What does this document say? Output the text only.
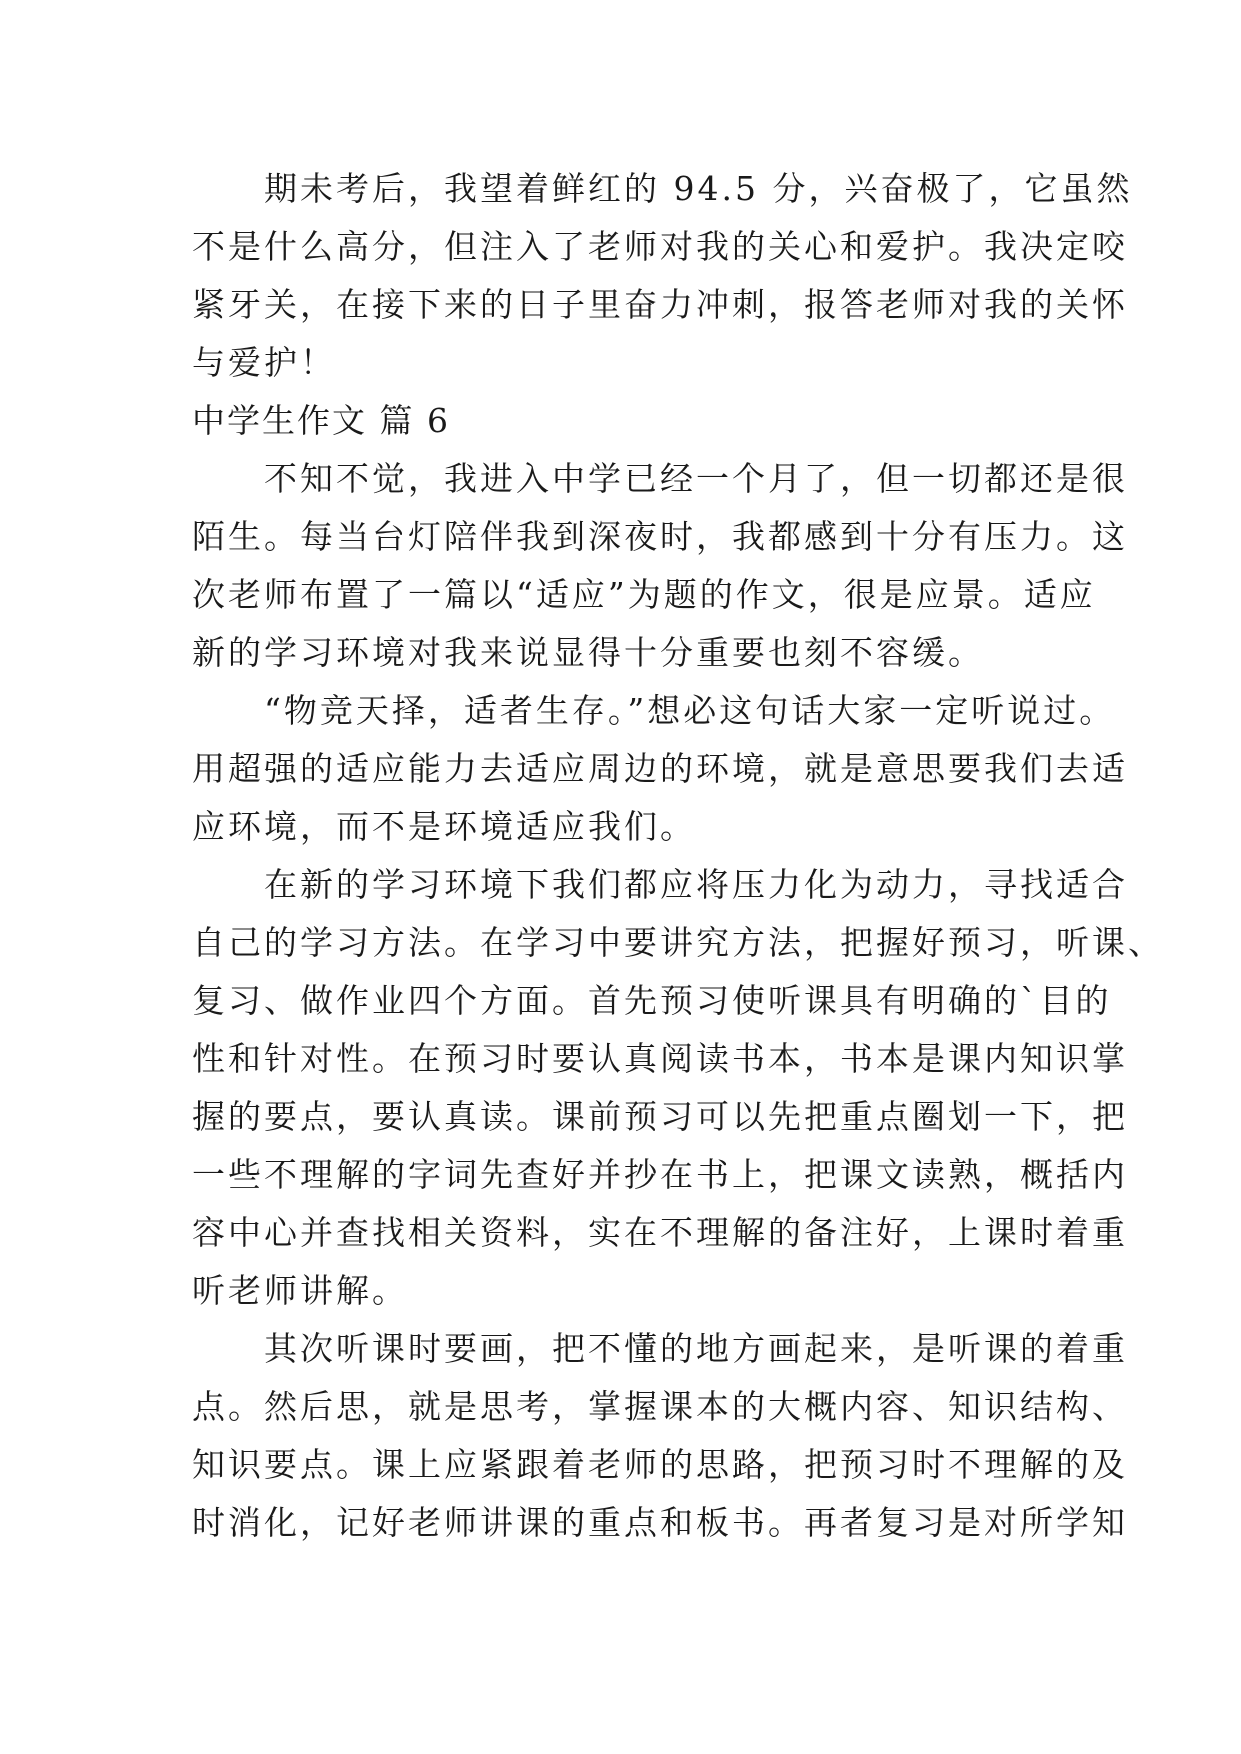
　　期未考后，我望着鲜红的 94.5 分，兴奋极了，它虽然
不是什么高分，但注入了老师对我的关心和爱护。我决定咬
紧牙关，在接下来的日子里奋力冲刺，报答老师对我的关怀
与爱护！
中学生作文 篇 6
　　不知不觉，我进入中学已经一个月了，但一切都还是很
陌生。每当台灯陪伴我到深夜时，我都感到十分有压力。这
次老师布置了一篇以“适应”为题的作文，很是应景。适应
新的学习环境对我来说显得十分重要也刻不容缓。
　　“物竞天择，适者生存。”想必这句话大家一定听说过。
用超强的适应能力去适应周边的环境，就是意思要我们去适
应环境，而不是环境适应我们。
　　在新的学习环境下我们都应将压力化为动力，寻找适合
自己的学习方法。在学习中要讲究方法，把握好预习，听课、
复习、做作业四个方面。首先预习使听课具有明确的`目的
性和针对性。在预习时要认真阅读书本，书本是课内知识掌
握的要点，要认真读。课前预习可以先把重点圈划一下，把
一些不理解的字词先查好并抄在书上，把课文读熟，概括内
容中心并查找相关资料，实在不理解的备注好，上课时着重
听老师讲解。
　　其次听课时要画，把不懂的地方画起来，是听课的着重
点。然后思，就是思考，掌握课本的大概内容、知识结构、
知识要点。课上应紧跟着老师的思路，把预习时不理解的及
时消化，记好老师讲课的重点和板书。再者复习是对所学知
